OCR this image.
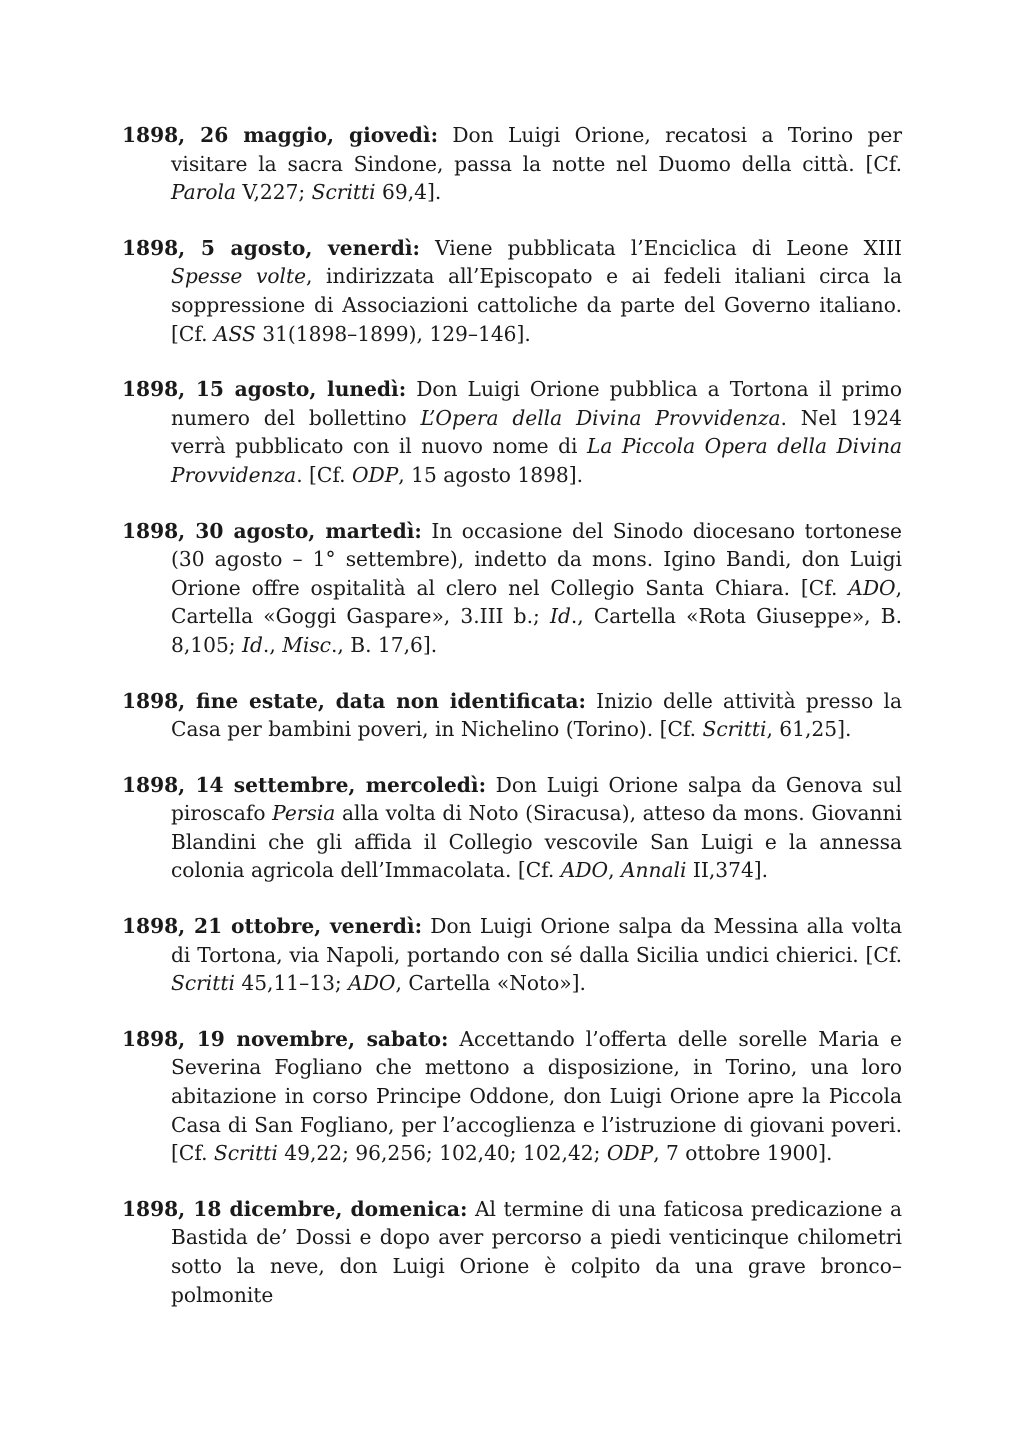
1898, 26 maggio, giovedì: Don Luigi Orione, recatosi a Torino per visitare la sacra Sindone, passa la notte nel Duomo della città. [Cf. Parola V,227; Scritti 69,4].

1898, 5 agosto, venerdì: Viene pubblicata l’Enciclica di Leone XIII Spesse volte, indirizzata all’Episcopato e ai fedeli italiani circa la soppressione di Associazioni cattoliche da parte del Governo italiano. [Cf. ASS 31(1898–1899), 129–146].

1898, 15 agosto, lunedì: Don Luigi Orione pubblica a Tortona il primo numero del bollettino L’Opera della Divina Provvidenza. Nel 1924 verrà pubblicato con il nuovo nome di La Piccola Opera della Divina Provvidenza. [Cf. ODP, 15 agosto 1898].

1898, 30 agosto, martedì: In occasione del Sinodo diocesano tortonese (30 agosto – 1° settembre), indetto da mons. Igino Bandi, don Luigi Orione offre ospitalità al clero nel Collegio Santa Chiara. [Cf. ADO, Cartella «Goggi Gaspare», 3.III b.; Id., Cartella «Rota Giuseppe», B. 8,105; Id., Misc., B. 17,6].

1898, fine estate, data non identificata: Inizio delle attività presso la Casa per bambini poveri, in Nichelino (Torino). [Cf. Scritti, 61,25].

1898, 14 settembre, mercoledì: Don Luigi Orione salpa da Genova sul piroscafo Persia alla volta di Noto (Siracusa), atteso da mons. Giovanni Blandini che gli affida il Collegio vescovile San Luigi e la annessa colonia agricola dell’Immacolata. [Cf. ADO, Annali II,374].

1898, 21 ottobre, venerdì: Don Luigi Orione salpa da Messina alla volta di Tortona, via Napoli, portando con sé dalla Sicilia undici chierici. [Cf. Scritti 45,11–13; ADO, Cartella «Noto»].

1898, 19 novembre, sabato: Accettando l’offerta delle sorelle Maria e Severina Fogliano che mettono a disposizione, in Torino, una loro abitazione in corso Principe Oddone, don Luigi Orione apre la Piccola Casa di San Fogliano, per l’accoglienza e l’istruzione di giovani poveri. [Cf. Scritti 49,22; 96,256; 102,40; 102,42; ODP, 7 ottobre 1900].

1898, 18 dicembre, domenica: Al termine di una faticosa predicazione a Bastida de’ Dossi e dopo aver percorso a piedi venticinque chilometri sotto la neve, don Luigi Orione è colpito da una grave bronco–polmonite
